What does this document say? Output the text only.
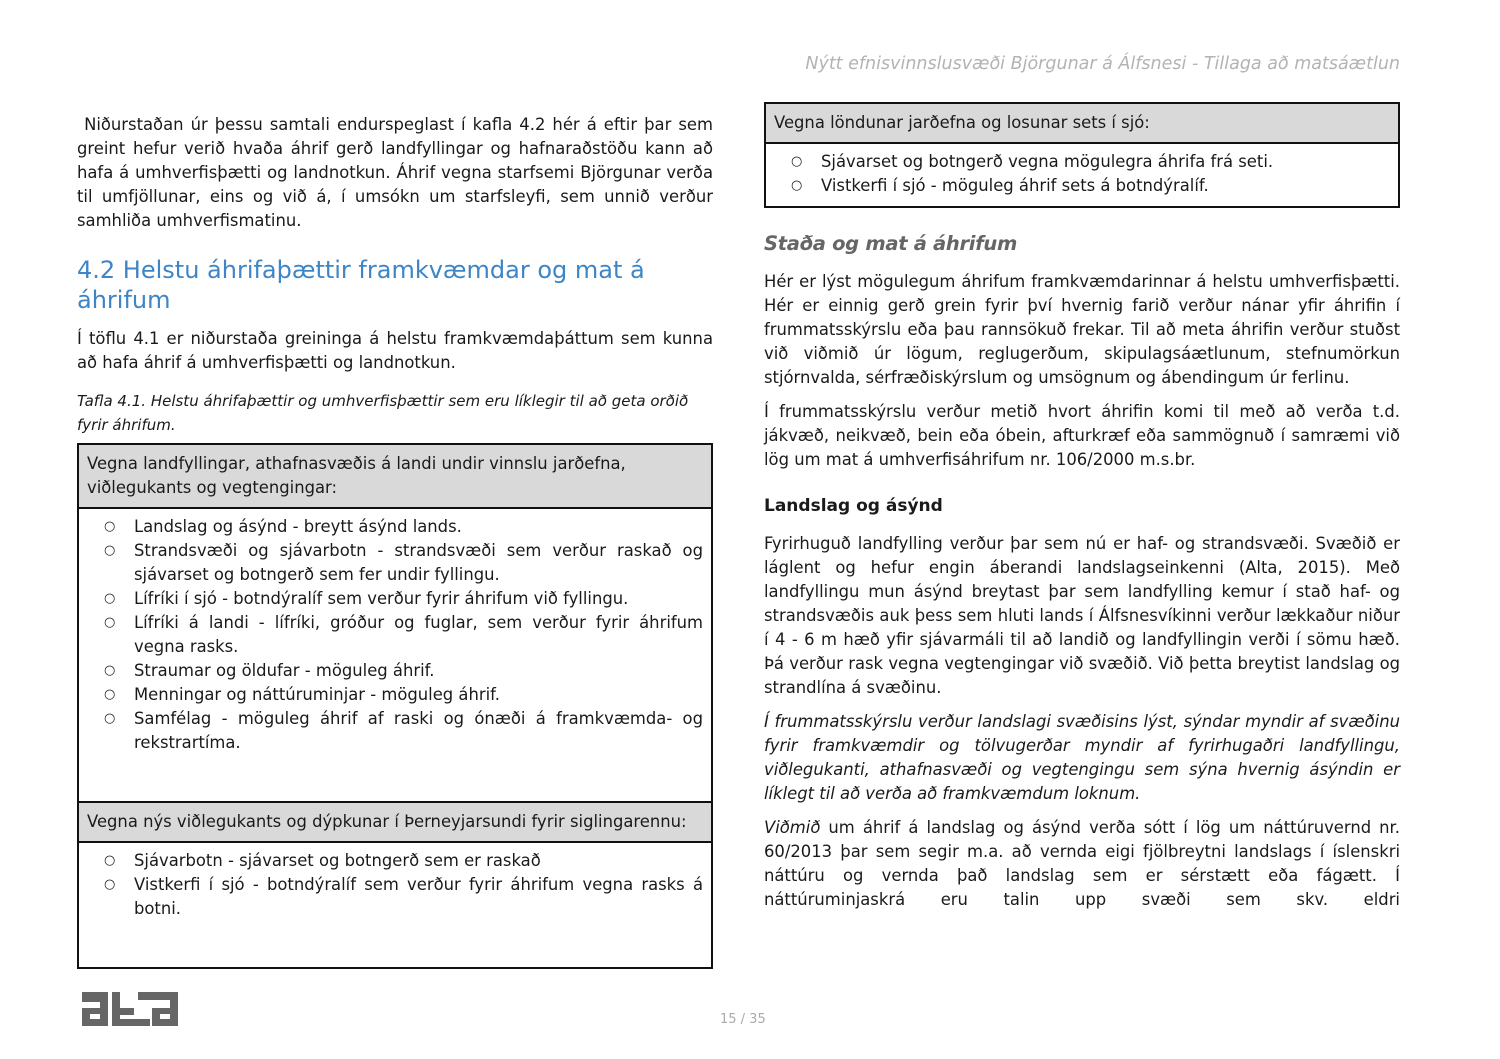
Nýtt efnisvinnslusvæði Björgunar á Álfsnesi - Tillaga að matsáætlun

Niðurstaðan úr þessu samtali endurspeglast í kafla 4.2 hér á eftir þar sem greint hefur verið hvaða áhrif gerð landfyllingar og hafnaraðstöðu kann að hafa á umhverfisþætti og landnotkun. Áhrif vegna starfsemi Björgunar verða til umfjöllunar, eins og við á, í umsókn um starfsleyfi, sem unnið verður samhliða umhverfismatinu.

4.2 Helstu áhrifaþættir framkvæmdar og mat á áhrifum

Í töflu 4.1 er niðurstaða greininga á helstu framkvæmdaþáttum sem kunna að hafa áhrif á umhverfisþætti og landnotkun.

Tafla 4.1. Helstu áhrifaþættir og umhverfisþættir sem eru líklegir til að geta orðið fyrir áhrifum.
Vegna landfyllingar, athafnasvæðis á landi undir vinnslu jarðefna, viðlegukants og vegtengingar:
○ Landslag og ásýnd - breytt ásýnd lands.
○ Strandsvæði og sjávarbotn - strandsvæði sem verður raskað og sjávarset og botngerð sem fer undir fyllingu.
○ Lífríki í sjó - botndýralíf sem verður fyrir áhrifum við fyllingu.
○ Lífríki á landi - lífríki, gróður og fuglar, sem verður fyrir áhrifum vegna rasks.
○ Straumar og öldufar - möguleg áhrif.
○ Menningar og náttúruminjar - möguleg áhrif.
○ Samfélag - möguleg áhrif af raski og ónæði á framkvæmda- og rekstrartíma.
Vegna nýs viðlegukants og dýpkunar í Þerneyjarsundi fyrir siglingarennu:
○ Sjávarbotn - sjávarset og botngerð sem er raskað
○ Vistkerfi í sjó - botndýralíf sem verður fyrir áhrifum vegna rasks á botni.
Vegna löndunar jarðefna og losunar sets í sjó:
○ Sjávarset og botngerð vegna mögulegra áhrifa frá seti.
○ Vistkerfi í sjó - möguleg áhrif sets á botndýralíf.
Staða og mat á áhrifum

Hér er lýst mögulegum áhrifum framkvæmdarinnar á helstu umhverfisþætti. Hér er einnig gerð grein fyrir því hvernig farið verður nánar yfir áhrifin í frummatsskýrslu eða þau rannsökuð frekar. Til að meta áhrifin verður stuðst við viðmið úr lögum, reglugerðum, skipulagsáætlunum, stefnumörkun stjórnvalda, sérfræðiskýrslum og umsögnum og ábendingum úr ferlinu.

Í frummatsskýrslu verður metið hvort áhrifin komi til með að verða t.d. jákvæð, neikvæð, bein eða óbein, afturkræf eða sammögnuð í samræmi við lög um mat á umhverfisáhrifum nr. 106/2000 m.s.br.

Landslag og ásýnd

Fyrirhuguð landfylling verður þar sem nú er haf- og strandsvæði. Svæðið er láglent og hefur engin áberandi landslagseinkenni (Alta, 2015). Með landfyllingu mun ásýnd breytast þar sem landfylling kemur í stað haf- og strandsvæðis auk þess sem hluti lands í Álfsnesvíkinni verður lækkaður niður í 4 - 6 m hæð yfir sjávarmáli til að landið og landfyllingin verði í sömu hæð. Þá verður rask vegna vegtengingar við svæðið. Við þetta breytist landslag og strandlína á svæðinu.

Í frummatsskýrslu verður landslagi svæðisins lýst, sýndar myndir af svæðinu fyrir framkvæmdir og tölvugerðar myndir af fyrirhugaðri landfyllingu, viðlegukanti, athafnasvæði og vegtengingu sem sýna hvernig ásýndin er líklegt til að verða að framkvæmdum loknum.

Viðmið um áhrif á landslag og ásýnd verða sótt í lög um náttúruvernd nr. 60/2013 þar sem segir m.a. að vernda eigi fjölbreytni landslags í íslenskri náttúru og vernda það landslag sem er sérstætt eða fágætt. Í náttúruminjaskrá eru talin upp svæði sem skv. eldri

15 / 35
